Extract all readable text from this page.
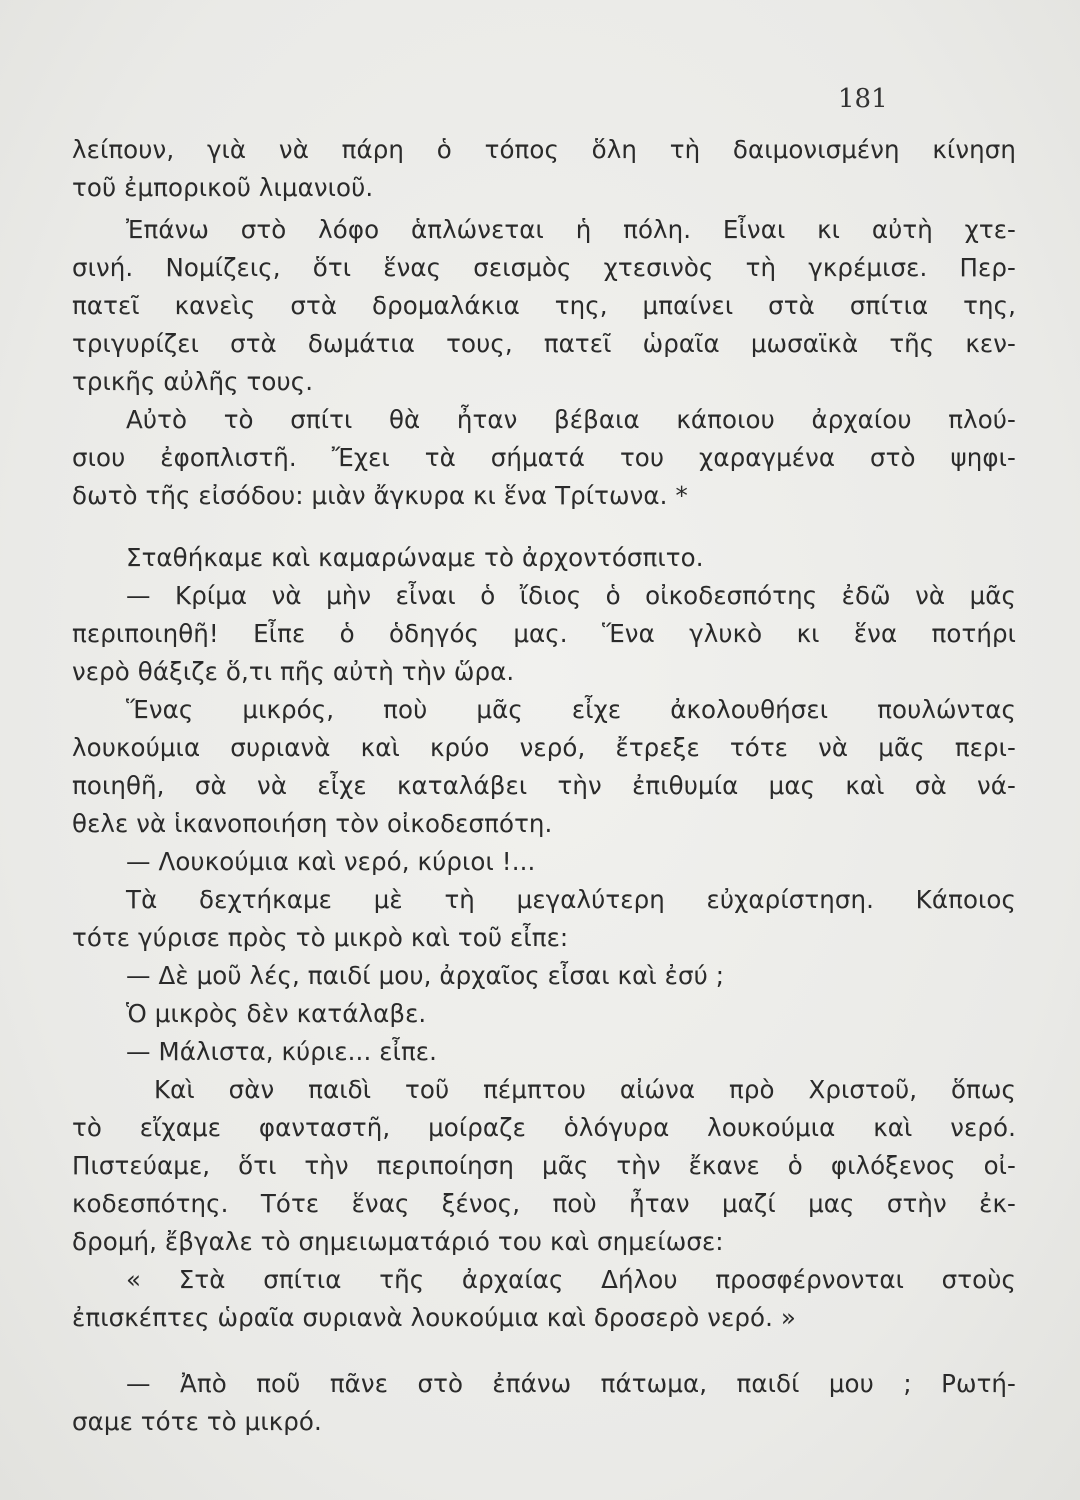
181
λείπουν, γιὰ νὰ πάρη ὁ τόπος ὅλη τὴ δαιμονισμένη κίνηση
τοῦ ἐμπορικοῦ λιμανιοῦ.
Ἐπάνω στὸ λόφο ἁπλώνεται ἡ πόλη. Εἶναι κι αὐτὴ χτε-
σινή. Νομίζεις, ὅτι ἕνας σεισμὸς χτεσινὸς τὴ γκρέμισε. Περ-
πατεῖ κανεὶς στὰ δρομαλάκια της, μπαίνει στὰ σπίτια της,
τριγυρίζει στὰ δωμάτια τους, πατεῖ ὡραῖα μωσαϊκὰ τῆς κεν-
τρικῆς αὐλῆς τους.
Αὐτὸ τὸ σπίτι θὰ ἦταν βέβαια κάποιου ἀρχαίου πλού-
σιου ἐφοπλιστῆ. Ἔχει τὰ σήματά του χαραγμένα στὸ ψηφι-
δωτὸ τῆς εἰσόδου: μιὰν ἄγκυρα κι ἕνα Τρίτωνα. *
Σταθήκαμε καὶ καμαρώναμε τὸ ἀρχοντόσπιτο.
— Κρίμα νὰ μὴν εἶναι ὁ ἴδιος ὁ οἰκοδεσπότης ἐδῶ νὰ μᾶς
περιποιηθῆ! Εἶπε ὁ ὁδηγός μας. Ἕνα γλυκὸ κι ἕνα ποτήρι
νερὸ θάξιζε ὅ,τι πῆς αὐτὴ τὴν ὥρα.
Ἕνας μικρός, ποὺ μᾶς εἶχε ἀκολουθήσει πουλώντας
λουκούμια συριανὰ καὶ κρύο νερό, ἔτρεξε τότε νὰ μᾶς περι-
ποιηθῆ, σὰ νὰ εἶχε καταλάβει τὴν ἐπιθυμία μας καὶ σὰ νά-
θελε νὰ ἱκανοποιήση τὸν οἰκοδεσπότη.
— Λουκούμια καὶ νερό, κύριοι !...
Τὰ δεχτήκαμε μὲ τὴ μεγαλύτερη εὐχαρίστηση. Κάποιος
τότε γύρισε πρὸς τὸ μικρὸ καὶ τοῦ εἶπε:
— Δὲ μοῦ λές, παιδί μου, ἀρχαῖος εἶσαι καὶ ἐσύ ;
Ὁ μικρὸς δὲν κατάλαβε.
— Μάλιστα, κύριε... εἶπε.
Καὶ σὰν παιδὶ τοῦ πέμπτου αἰώνα πρὸ Χριστοῦ, ὅπως
τὸ εἴχαμε φανταστῆ, μοίραζε ὁλόγυρα λουκούμια καὶ νερό.
Πιστεύαμε, ὅτι τὴν περιποίηση μᾶς τὴν ἔκανε ὁ φιλόξενος οἰ-
κοδεσπότης. Τότε ἕνας ξένος, ποὺ ἦταν μαζί μας στὴν ἐκ-
δρομή, ἔβγαλε τὸ σημειωματάριό του καὶ σημείωσε:
« Στὰ σπίτια τῆς ἀρχαίας Δήλου προσφέρνονται στοὺς
ἐπισκέπτες ὡραῖα συριανὰ λουκούμια καὶ δροσερὸ νερό. »
— Ἀπὸ ποῦ πᾶνε στὸ ἐπάνω πάτωμα, παιδί μου ; Ρωτή-
σαμε τότε τὸ μικρό.
